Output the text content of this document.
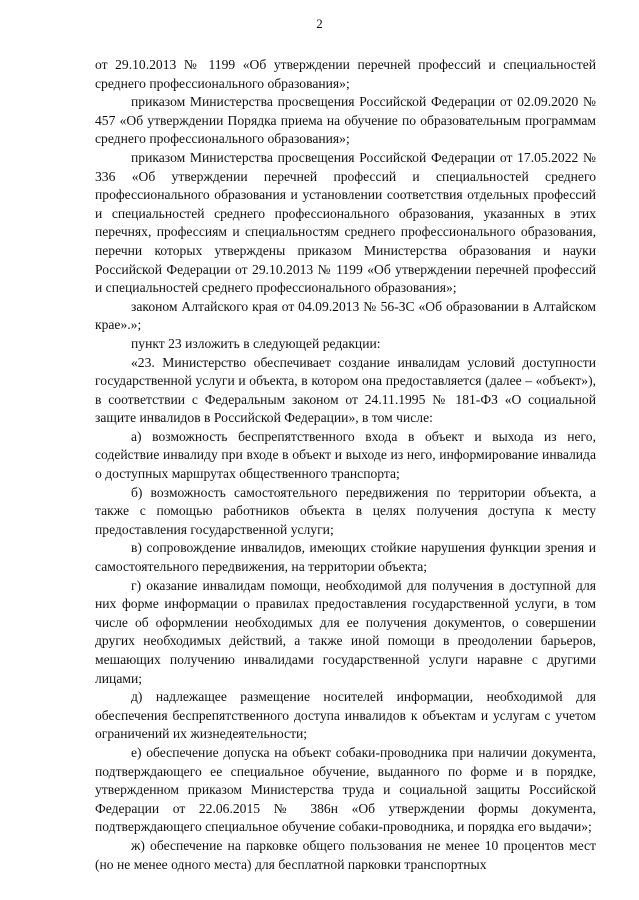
2

от 29.10.2013 № 1199 «Об утверждении перечней профессий и специальностей среднего профессионального образования»;

приказом Министерства просвещения Российской Федерации от 02.09.2020 № 457 «Об утверждении Порядка приема на обучение по образовательным программам среднего профессионального образования»;

приказом Министерства просвещения Российской Федерации от 17.05.2022 № 336 «Об утверждении перечней профессий и специальностей среднего профессионального образования и установлении соответствия отдельных профессий и специальностей среднего профессионального образования, указанных в этих перечнях, профессиям и специальностям среднего профессионального образования, перечни которых утверждены приказом Министерства образования и науки Российской Федерации от 29.10.2013 № 1199 «Об утверждении перечней профессий и специальностей среднего профессионального образования»;

законом Алтайского края от 04.09.2013 № 56-ЗС «Об образовании в Алтайском крае».»;

пункт 23 изложить в следующей редакции:

«23. Министерство обеспечивает создание инвалидам условий доступности государственной услуги и объекта, в котором она предоставляется (далее – «объект»), в соответствии с Федеральным законом от 24.11.1995 № 181-ФЗ «О социальной защите инвалидов в Российской Федерации», в том числе:

а) возможность беспрепятственного входа в объект и выхода из него, содействие инвалиду при входе в объект и выходе из него, информирование инвалида о доступных маршрутах общественного транспорта;

б) возможность самостоятельного передвижения по территории объекта, а также с помощью работников объекта в целях получения доступа к месту предоставления государственной услуги;

в) сопровождение инвалидов, имеющих стойкие нарушения функции зрения и самостоятельного передвижения, на территории объекта;

г) оказание инвалидам помощи, необходимой для получения в доступной для них форме информации о правилах предоставления государственной услуги, в том числе об оформлении необходимых для ее получения документов, о совершении других необходимых действий, а также иной помощи в преодолении барьеров, мешающих получению инвалидами государственной услуги наравне с другими лицами;

д) надлежащее размещение носителей информации, необходимой для обеспечения беспрепятственного доступа инвалидов к объектам и услугам с учетом ограничений их жизнедеятельности;

е) обеспечение допуска на объект собаки-проводника при наличии документа, подтверждающего ее специальное обучение, выданного по форме и в порядке, утвержденном приказом Министерства труда и социальной защиты Российской Федерации от 22.06.2015 № 386н «Об утверждении формы документа, подтверждающего специальное обучение собаки-проводника, и порядка его выдачи»;

ж) обеспечение на парковке общего пользования не менее 10 процентов мест (но не менее одного места) для бесплатной парковки транспортных
